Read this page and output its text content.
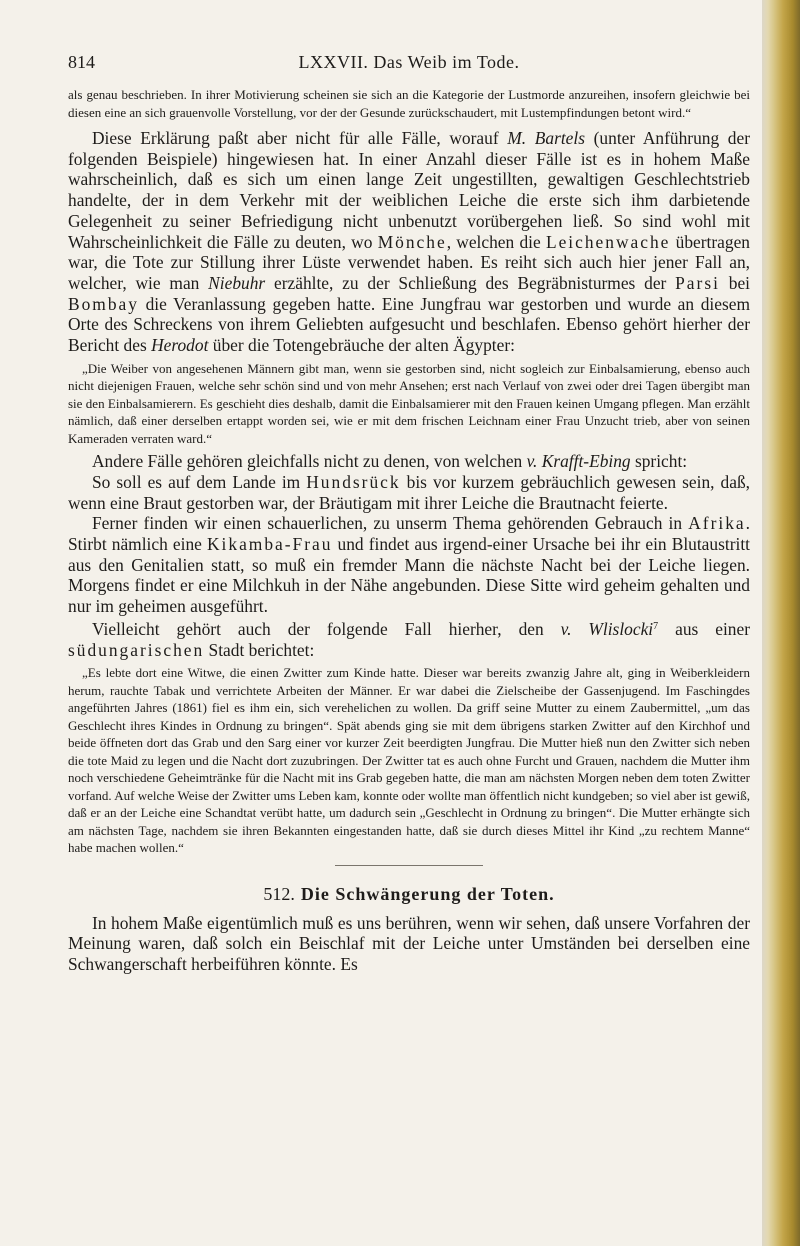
814	LXXVII. Das Weib im Tode.

als genau beschrieben. In ihrer Motivierung scheinen sie sich an die Kategorie der Lustmorde anzureihen, insofern gleichwie bei diesen eine an sich grauenvolle Vorstellung, vor der der Gesunde zurückschaudert, mit Lustempfindungen betont wird.“

Diese Erklärung paßt aber nicht für alle Fälle, worauf M. Bartels (unter Anführung der folgenden Beispiele) hingewiesen hat. In einer Anzahl dieser Fälle ist es in hohem Maße wahrscheinlich, daß es sich um einen lange Zeit ungestillten, gewaltigen Geschlechtstrieb handelte, der in dem Verkehr mit der weiblichen Leiche die erste sich ihm darbietende Gelegenheit zu seiner Befriedigung nicht unbenutzt vorübergehen ließ. So sind wohl mit Wahrscheinlichkeit die Fälle zu deuten, wo Mönche, welchen die Leichenwache übertragen war, die Tote zur Stillung ihrer Lüste verwendet haben. Es reiht sich auch hier jener Fall an, welcher, wie man Niebuhr erzählte, zu der Schließung des Begräbnisturmes der Parsi bei Bombay die Veranlassung gegeben hatte. Eine Jungfrau war gestorben und wurde an diesem Orte des Schreckens von ihrem Geliebten aufgesucht und beschlafen. Ebenso gehört hierher der Bericht des Herodot über die Totengebräuche der alten Ägypter:

„Die Weiber von angesehenen Männern gibt man, wenn sie gestorben sind, nicht sogleich zur Einbalsamierung, ebenso auch nicht diejenigen Frauen, welche sehr schön sind und von mehr Ansehen; erst nach Verlauf von zwei oder drei Tagen übergibt man sie den Einbalsamierern. Es geschieht dies deshalb, damit die Einbalsamierer mit den Frauen keinen Umgang pflegen. Man erzählt nämlich, daß einer derselben ertappt worden sei, wie er mit dem frischen Leichnam einer Frau Unzucht trieb, aber von seinen Kameraden verraten ward.“

Andere Fälle gehören gleichfalls nicht zu denen, von welchen v. Krafft-Ebing spricht:

So soll es auf dem Lande im Hundsrück bis vor kurzem gebräuchlich gewesen sein, daß, wenn eine Braut gestorben war, der Bräutigam mit ihrer Leiche die Brautnacht feierte.

Ferner finden wir einen schauerlichen, zu unserm Thema gehörenden Gebrauch in Afrika. Stirbt nämlich eine Kikamba-Frau und findet aus irgend-einer Ursache bei ihr ein Blutaustritt aus den Genitalien statt, so muß ein fremder Mann die nächste Nacht bei der Leiche liegen. Morgens findet er eine Milchkuh in der Nähe angebunden. Diese Sitte wird geheim gehalten und nur im geheimen ausgeführt.

Vielleicht gehört auch der folgende Fall hierher, den v. Wlislocki$^7$ aus einer südungarischen Stadt berichtet:

„Es lebte dort eine Witwe, die einen Zwitter zum Kinde hatte. Dieser war bereits zwanzig Jahre alt, ging in Weiberkleidern herum, rauchte Tabak und verrichtete Arbeiten der Männer. Er war dabei die Zielscheibe der Gassenjugend. Im Faschingdes angeführten Jahres (1861) fiel es ihm ein, sich verehelichen zu wollen. Da griff seine Mutter zu einem Zaubermittel, „um das Geschlecht ihres Kindes in Ordnung zu bringen“. Spät abends ging sie mit dem übrigens starken Zwitter auf den Kirchhof und beide öffneten dort das Grab und den Sarg einer vor kurzer Zeit beerdigten Jungfrau. Die Mutter hieß nun den Zwitter sich neben die tote Maid zu legen und die Nacht dort zuzubringen. Der Zwitter tat es auch ohne Furcht und Grauen, nachdem die Mutter ihm noch verschiedene Geheimtränke für die Nacht mit ins Grab gegeben hatte, die man am nächsten Morgen neben dem toten Zwitter vorfand. Auf welche Weise der Zwitter ums Leben kam, konnte oder wollte man öffentlich nicht kundgeben; so viel aber ist gewiß, daß er an der Leiche eine Schandtat verübt hatte, um dadurch sein „Geschlecht in Ordnung zu bringen“. Die Mutter erhängte sich am nächsten Tage, nachdem sie ihren Bekannten eingestanden hatte, daß sie durch dieses Mittel ihr Kind „zu rechtem Manne“ habe machen wollen.“

512. Die Schwängerung der Toten.

In hohem Maße eigentümlich muß es uns berühren, wenn wir sehen, daß unsere Vorfahren der Meinung waren, daß solch ein Beischlaf mit der Leiche unter Umständen bei derselben eine Schwangerschaft herbeiführen könnte. Es
